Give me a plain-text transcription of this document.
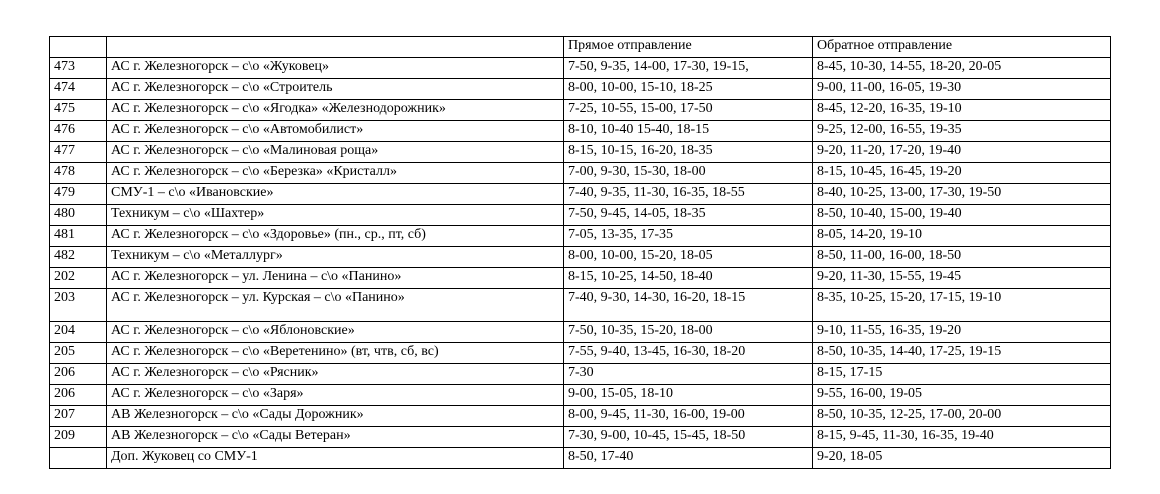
		Прямое отправление	Обратное отправление
473	АС г. Железногорск – с\о «Жуковец»	7-50, 9-35, 14-00, 17-30, 19-15,	8-45, 10-30, 14-55, 18-20, 20-05
474	АС г. Железногорск – с\о «Строитель	8-00, 10-00, 15-10, 18-25	9-00, 11-00, 16-05, 19-30
475	АС г. Железногорск – с\о «Ягодка» «Железнодорожник»	7-25, 10-55, 15-00, 17-50	8-45, 12-20, 16-35, 19-10
476	АС г. Железногорск – с\о «Автомобилист»	8-10, 10-40 15-40, 18-15	9-25, 12-00, 16-55, 19-35
477	АС г. Железногорск – с\о «Малиновая роща»	8-15, 10-15, 16-20, 18-35	9-20, 11-20, 17-20, 19-40
478	АС г. Железногорск – с\о «Березка» «Кристалл»	7-00, 9-30, 15-30, 18-00	8-15, 10-45, 16-45, 19-20
479	СМУ-1 – с\о «Ивановские»	7-40, 9-35, 11-30, 16-35, 18-55	8-40, 10-25, 13-00, 17-30, 19-50
480	Техникум – с\о «Шахтер»	7-50, 9-45, 14-05, 18-35	8-50, 10-40, 15-00, 19-40
481	АС г. Железногорск – с\о «Здоровье» (пн., ср., пт, сб)	7-05, 13-35, 17-35	8-05, 14-20, 19-10
482	Техникум – с\о «Металлург»	8-00, 10-00, 15-20, 18-05	8-50, 11-00, 16-00, 18-50
202	АС г. Железногорск – ул. Ленина – с\о «Панино»	8-15, 10-25, 14-50, 18-40	9-20, 11-30, 15-55, 19-45
203	АС г. Железногорск – ул. Курская – с\о «Панино»	7-40, 9-30, 14-30, 16-20, 18-15	8-35, 10-25, 15-20, 17-15, 19-10
204	АС г. Железногорск – с\о «Яблоновские»	7-50, 10-35, 15-20, 18-00	9-10, 11-55, 16-35, 19-20
205	АС г. Железногорск – с\о «Веретенино» (вт, чтв, сб, вс)	7-55, 9-40, 13-45, 16-30, 18-20	8-50, 10-35, 14-40, 17-25, 19-15
206	АС г. Железногорск – с\о «Рясник»	7-30	8-15, 17-15
206	АС г. Железногорск – с\о «Заря»	9-00, 15-05, 18-10	9-55, 16-00, 19-05
207	АВ Железногорск – с\о «Сады Дорожник»	8-00, 9-45, 11-30, 16-00, 19-00	8-50, 10-35, 12-25, 17-00, 20-00
209	АВ Железногорск – с\о «Сады Ветеран»	7-30, 9-00, 10-45, 15-45, 18-50	8-15, 9-45, 11-30, 16-35, 19-40
	Доп. Жуковец со СМУ-1	8-50, 17-40	9-20, 18-05
